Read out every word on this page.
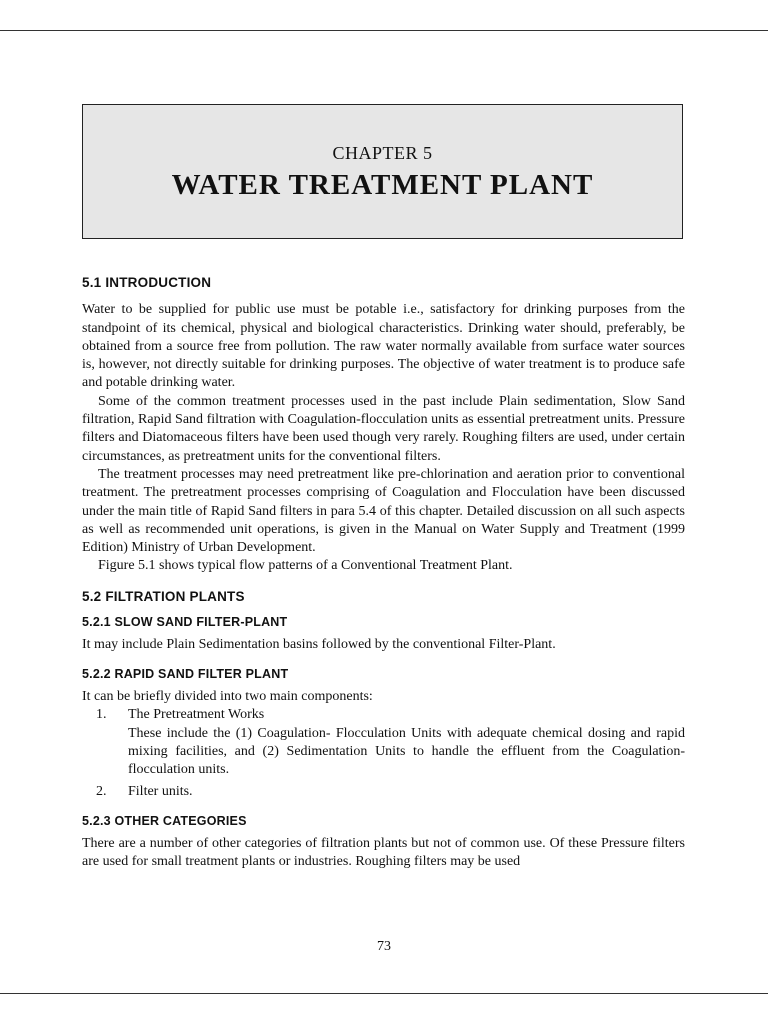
CHAPTER 5
WATER TREATMENT PLANT
5.1 INTRODUCTION

Water to be supplied for public use must be potable i.e., satisfactory for drinking purposes from the standpoint of its chemical, physical and biological characteristics. Drinking water should, preferably, be obtained from a source free from pollution. The raw water normally available from surface water sources is, however, not directly suitable for drinking purposes. The objective of water treatment is to produce safe and potable drinking water.

Some of the common treatment processes used in the past include Plain sedimentation, Slow Sand filtration, Rapid Sand filtration with Coagulation-flocculation units as essential pretreatment units. Pressure filters and Diatomaceous filters have been used though very rarely. Roughing filters are used, under certain circumstances, as pretreatment units for the conventional filters.

The treatment processes may need pretreatment like pre-chlorination and aeration prior to conventional treatment. The pretreatment processes comprising of Coagulation and Flocculation have been discussed under the main title of Rapid Sand filters in para 5.4 of this chapter. Detailed discussion on all such aspects as well as recommended unit operations, is given in the Manual on Water Supply and Treatment (1999 Edition) Ministry of Urban Development.

Figure 5.1 shows typical flow patterns of a Conventional Treatment Plant.

5.2 FILTRATION PLANTS
5.2.1 SLOW SAND FILTER-PLANT

It may include Plain Sedimentation basins followed by the conventional Filter-Plant.

5.2.2 RAPID SAND FILTER PLANT

It can be briefly divided into two main components:

1. The Pretreatment Works
These include the (1) Coagulation- Flocculation Units with adequate chemical dosing and rapid mixing facilities, and (2) Sedimentation Units to handle the effluent from the Coagulation-flocculation units.
2. Filter units.
5.2.3 OTHER CATEGORIES

There are a number of other categories of filtration plants but not of common use. Of these Pressure filters are used for small treatment plants or industries. Roughing filters may be used

73
